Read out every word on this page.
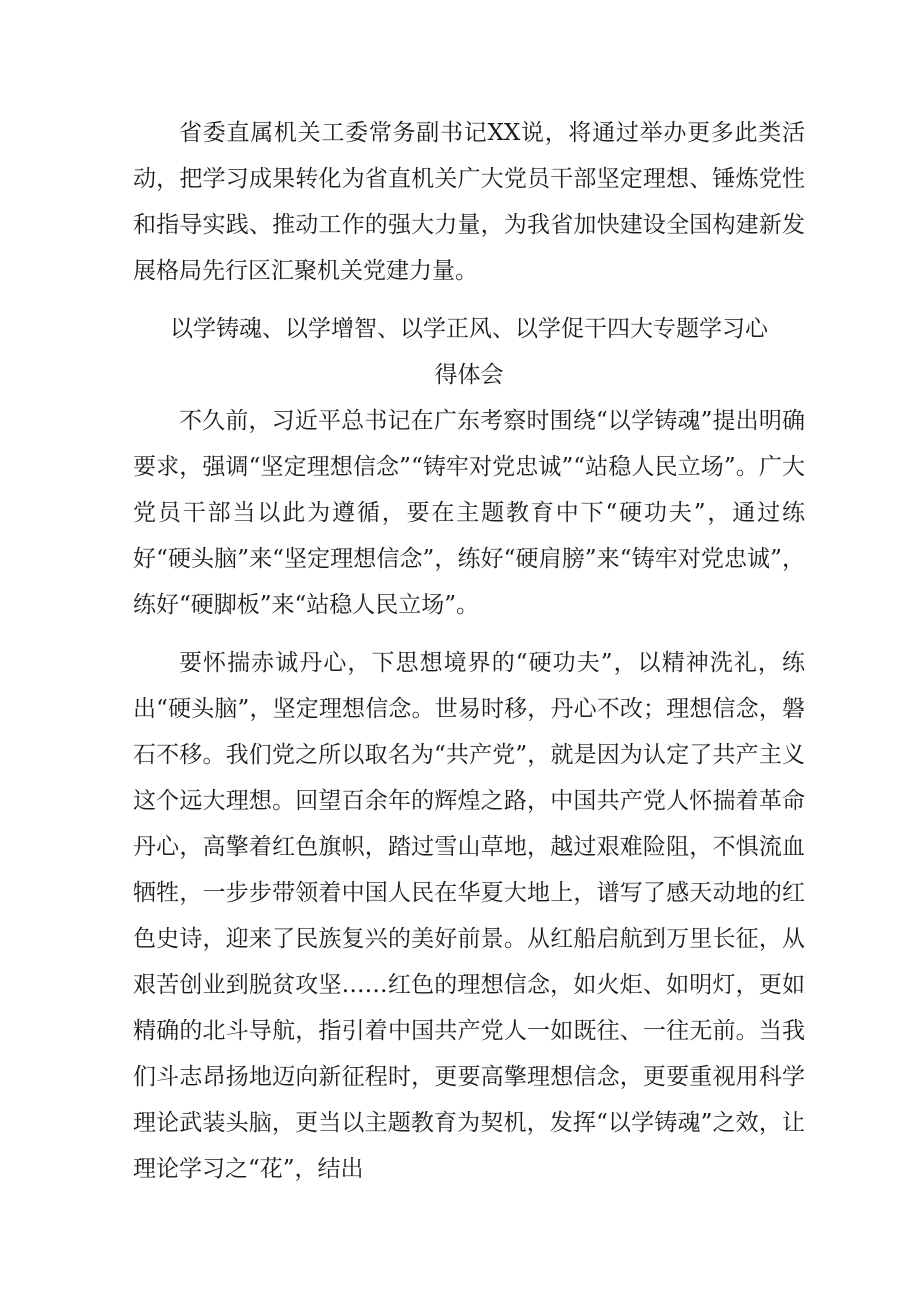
省委直属机关工委常务副书记XX说，将通过举办更多此类活动，把学习成果转化为省直机关广大党员干部坚定理想、锤炼党性和指导实践、推动工作的强大力量，为我省加快建设全国构建新发展格局先行区汇聚机关党建力量。

以学铸魂、以学增智、以学正风、以学促干四大专题学习心

得体会

不久前，习近平总书记在广东考察时围绕“以学铸魂”提出明确要求，强调“坚定理想信念”“铸牢对党忠诚”“站稳人民立场”。广大党员干部当以此为遵循，要在主题教育中下“硬功夫”，通过练好“硬头脑”来“坚定理想信念”，练好“硬肩膀”来“铸牢对党忠诚”，练好“硬脚板”来“站稳人民立场”。

要怀揣赤诚丹心，下思想境界的“硬功夫”，以精神洗礼，练出“硬头脑”，坚定理想信念。世易时移，丹心不改；理想信念，磐石不移。我们党之所以取名为“共产党”，就是因为认定了共产主义这个远大理想。回望百余年的辉煌之路，中国共产党人怀揣着革命丹心，高擎着红色旗帜，踏过雪山草地，越过艰难险阻，不惧流血牺牲，一步步带领着中国人民在华夏大地上，谱写了感天动地的红色史诗，迎来了民族复兴的美好前景。从红船启航到万里长征，从艰苦创业到脱贫攻坚……红色的理想信念，如火炬、如明灯，更如精确的北斗导航，指引着中国共产党人一如既往、一往无前。当我们斗志昂扬地迈向新征程时，更要高擎理想信念，更要重视用科学理论武装头脑，更当以主题教育为契机，发挥“以学铸魂”之效，让理论学习之“花”，结出
